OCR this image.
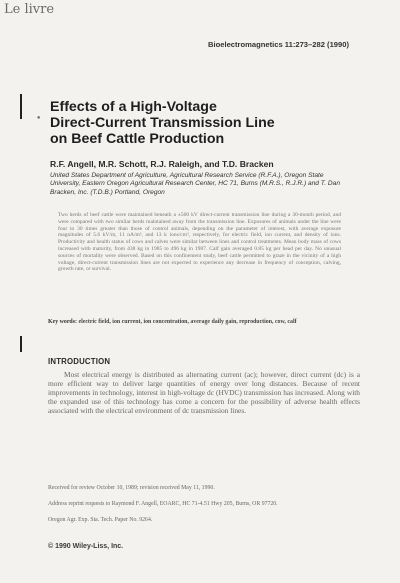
Le livre
Bioelectromagnetics 11:273–282 (1990)
•
Effects of a High-Voltage
Direct-Current Transmission Line
on Beef Cattle Production
R.F. Angell, M.R. Schott, R.J. Raleigh, and T.D. Bracken
United States Department of Agriculture, Agricultural Research Service (R.F.A.), Oregon State University, Eastern Oregon Agricultural Research Center, HC 71, Burns (M.R.S., R.J.R.) and T. Dan Bracken, Inc. (T.D.B.) Portland, Oregon
Two herds of beef cattle were maintained beneath a ±500 kV direct-current transmission line during a 30-month period, and were compared with two similar herds maintained away from the transmission line. Exposures of animals under the line were four to 30 times greater than those of control animals, depending on the parameter of interest, with average exposure magnitudes of 5.6 kV/m, 11 nA/m², and 13 k ions/cm³, respectively, for electric field, ion current, and density of ions. Productivity and health status of cows and calves were similar between lines and control treatments. Mean body mass of cows increased with maturity, from 438 kg in 1985 to 496 kg in 1987. Calf gain averaged 0.85 kg per head per day. No unusual sources of mortality were observed. Based on this confinement study, beef cattle permitted to graze in the vicinity of a high voltage, direct-current transmission lines are not expected to experience any decrease in frequency of conception, calving, growth rate, or survival.
Key words: electric field, ion current, ion concentration, average daily gain, reproduction, cow, calf
INTRODUCTION
Most electrical energy is distributed as alternating current (ac); however, direct current (dc) is a more efficient way to deliver large quantities of energy over long distances. Because of recent improvements in technology, interest in high-voltage dc (HVDC) transmission has increased. Along with the expanded use of this technology has come a concern for the possibility of adverse health effects associated with the electrical environment of dc transmission lines.
Received for review October 10, 1989; revision received May 11, 1990.
Address reprint requests to Raymond F. Angell, EOARC, HC 71-4.51 Hwy 205, Burns, OR 97720.
Oregon Agr. Exp. Sta. Tech. Paper No. 9264.
© 1990 Wiley-Liss, Inc.
